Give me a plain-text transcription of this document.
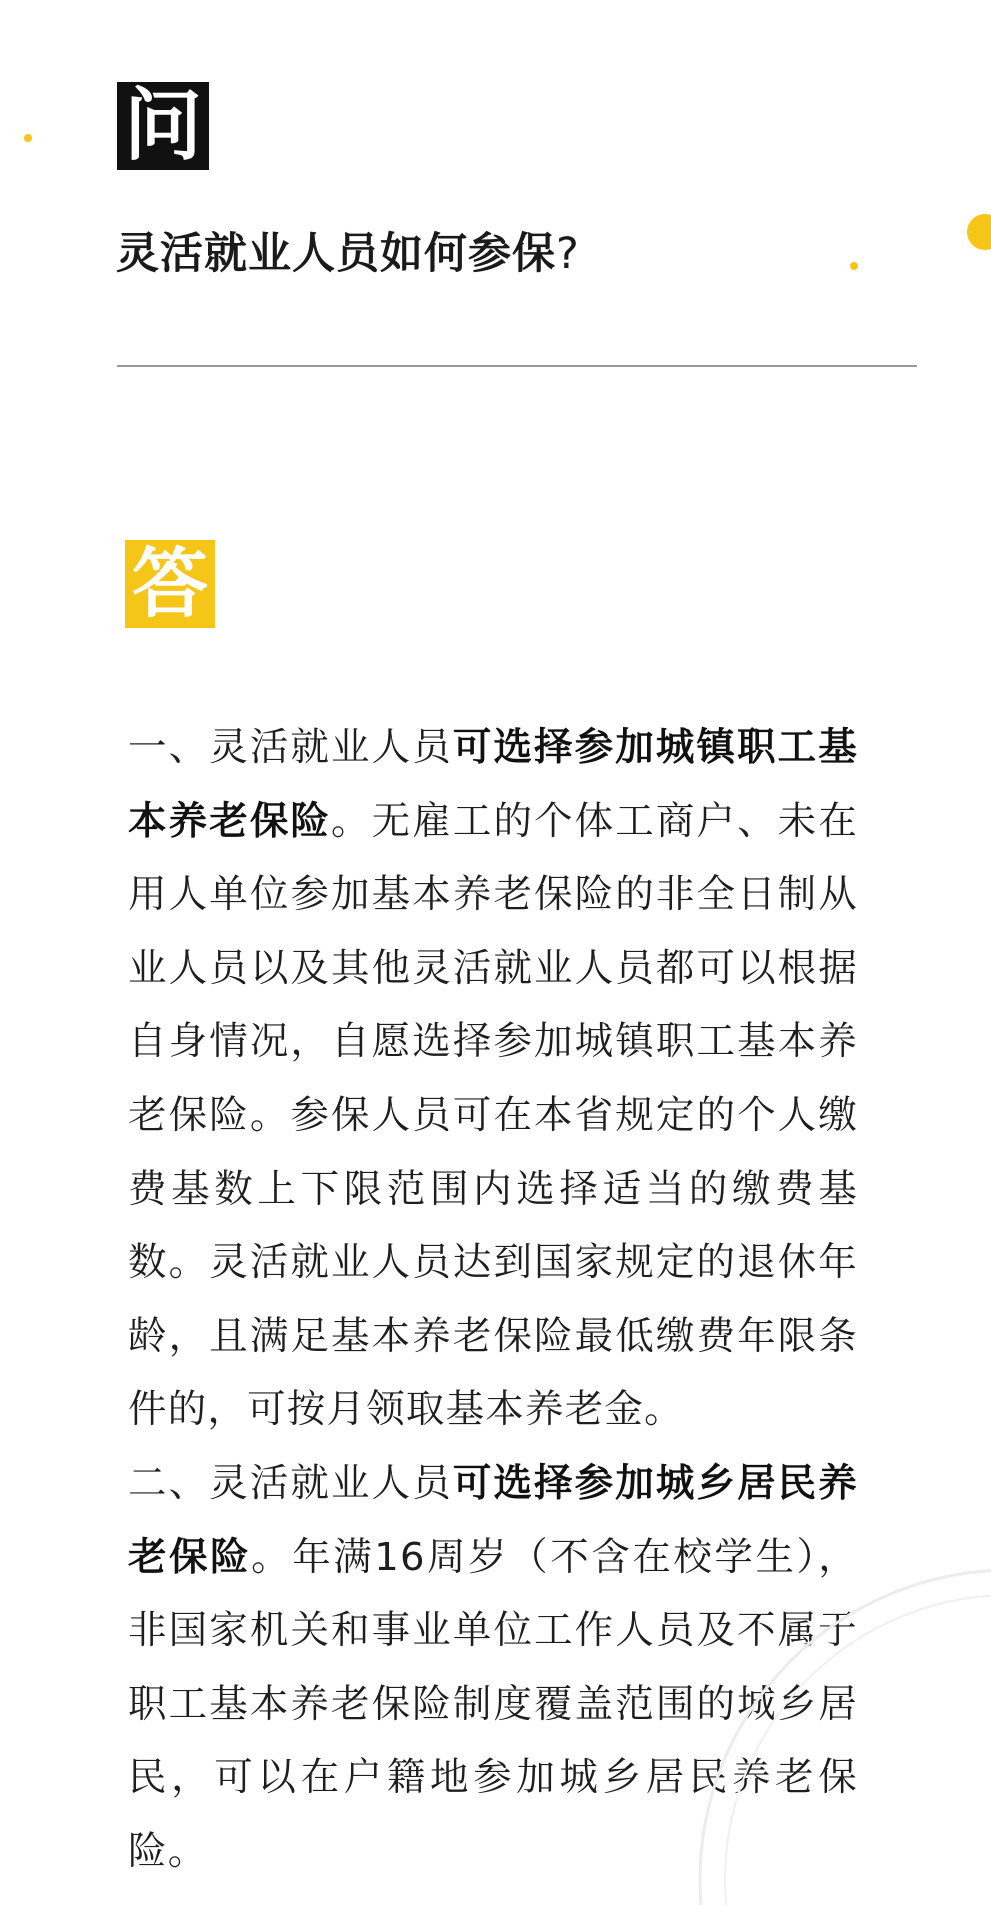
问
灵活就业人员如何参保?
答

一、灵活就业人员可选择参加城镇职工基本养老保险。无雇工的个体工商户、未在用人单位参加基本养老保险的非全日制从业人员以及其他灵活就业人员都可以根据自身情况，自愿选择参加城镇职工基本养老保险。参保人员可在本省规定的个人缴费基数上下限范围内选择适当的缴费基数。灵活就业人员达到国家规定的退休年龄，且满足基本养老保险最低缴费年限条件的，可按月领取基本养老金。

二、灵活就业人员可选择参加城乡居民养老保险。年满16周岁（不含在校学生），非国家机关和事业单位工作人员及不属于职工基本养老保险制度覆盖范围的城乡居民，可以在户籍地参加城乡居民养老保险。
